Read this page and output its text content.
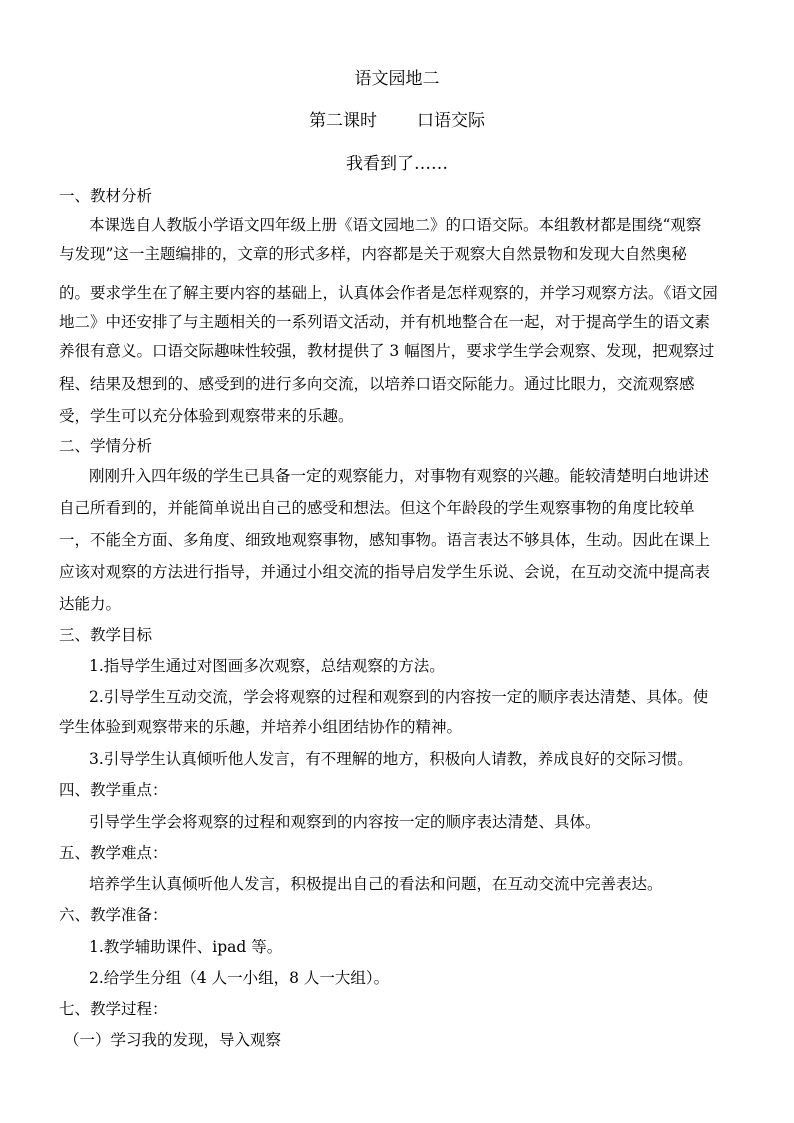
语文园地二
第二课时 口语交际
我看到了……
一、教材分析
本课选自人教版小学语文四年级上册《语文园地二》的口语交际。本组教材都是围绕“观察
与发现”这一主题编排的，文章的形式多样，内容都是关于观察大自然景物和发现大自然奥秘
的。要求学生在了解主要内容的基础上，认真体会作者是怎样观察的，并学习观察方法。《语文园
地二》中还安排了与主题相关的一系列语文活动，并有机地整合在一起，对于提高学生的语文素
养很有意义。口语交际趣味性较强，教材提供了 3 幅图片，要求学生学会观察、发现，把观察过
程、结果及想到的、感受到的进行多向交流，以培养口语交际能力。通过比眼力，交流观察感
受，学生可以充分体验到观察带来的乐趣。
二、学情分析
刚刚升入四年级的学生已具备一定的观察能力，对事物有观察的兴趣。能较清楚明白地讲述
自己所看到的，并能简单说出自己的感受和想法。但这个年龄段的学生观察事物的角度比较单
一，不能全方面、多角度、细致地观察事物，感知事物。语言表达不够具体，生动。因此在课上
应该对观察的方法进行指导，并通过小组交流的指导启发学生乐说、会说，在互动交流中提高表
达能力。
三、教学目标
1.指导学生通过对图画多次观察，总结观察的方法。
2.引导学生互动交流，学会将观察的过程和观察到的内容按一定的顺序表达清楚、具体。使
学生体验到观察带来的乐趣，并培养小组团结协作的精神。
3.引导学生认真倾听他人发言，有不理解的地方，积极向人请教，养成良好的交际习惯。
四、教学重点：
引导学生学会将观察的过程和观察到的内容按一定的顺序表达清楚、具体。
五、教学难点：
培养学生认真倾听他人发言，积极提出自己的看法和问题，在互动交流中完善表达。
六、教学准备：
1.教学辅助课件、ipad 等。
2.给学生分组（4 人一小组，8 人一大组）。
七、教学过程：
（一）学习我的发现，导入观察
